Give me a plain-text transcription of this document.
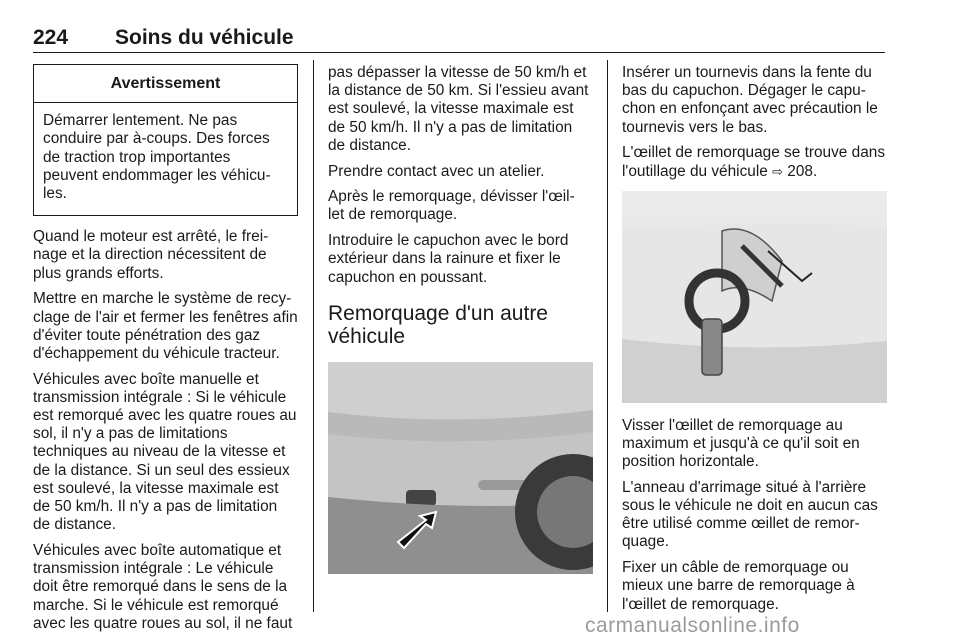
224 Soins du véhicule
Avertissement
Démarrer lentement. Ne pas conduire par à-coups. Des forces de traction trop importantes peuvent endommager les véhicu- les.

Quand le moteur est arrêté, le frei- nage et la direction nécessitent de plus grands efforts.

Mettre en marche le système de recy- clage de l'air et fermer les fenêtres afin d'éviter toute pénétration des gaz d'échappement du véhicule tracteur.

Véhicules avec boîte manuelle et transmission intégrale : Si le véhicule est remorqué avec les quatre roues au sol, il n'y a pas de limitations techniques au niveau de la vitesse et de la distance. Si un seul des essieux est soulevé, la vitesse maximale est de 50 km/h. Il n'y a pas de limitation de distance.

Véhicules avec boîte automatique et transmission intégrale : Le véhicule doit être remorqué dans le sens de la marche. Si le véhicule est remorqué avec les quatre roues au sol, il ne faut

pas dépasser la vitesse de 50 km/h et la distance de 50 km. Si l'essieu avant est soulevé, la vitesse maximale est de 50 km/h. Il n'y a pas de limitation de distance.

Prendre contact avec un atelier.

Après le remorquage, dévisser l'œil- let de remorquage.

Introduire le capuchon avec le bord extérieur dans la rainure et fixer le capuchon en poussant.

Remorquage d'un autre
véhicule

Insérer un tournevis dans la fente du bas du capuchon. Dégager le capu- chon en enfonçant avec précaution le tournevis vers le bas.

L'œillet de remorquage se trouve dans l'outillage du véhicule ⇨ 208.

Visser l'œillet de remorquage au maximum et jusqu'à ce qu'il soit en position horizontale.

L'anneau d'arrimage situé à l'arrière sous le véhicule ne doit en aucun cas être utilisé comme œillet de remor- quage.

Fixer un câble de remorquage ou mieux une barre de remorquage à l'œillet de remorquage.

carmanualsonline.info
